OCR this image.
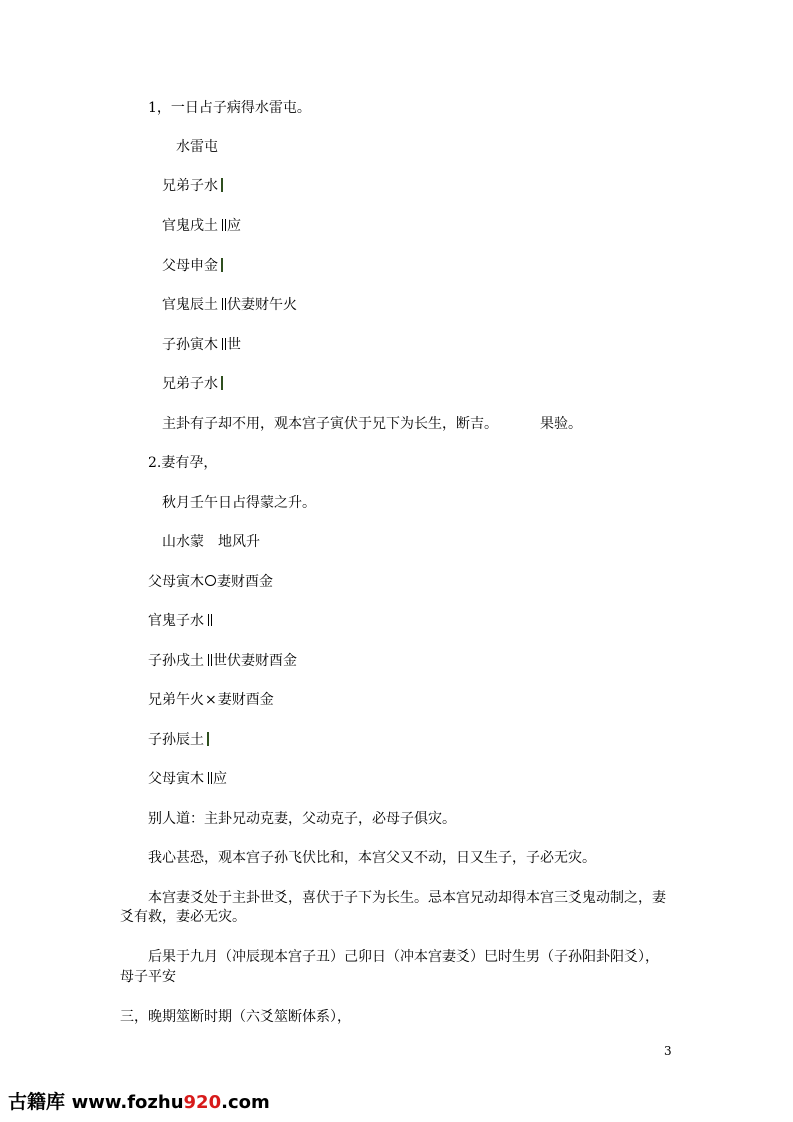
1，一日占子病得水雷屯。
水雷屯
兄弟子水
官鬼戌土 应
父母申金
官鬼辰土 伏妻财午火
子孙寅木 世
兄弟子水
主卦有子却不用，观本宫子寅伏于兄下为长生，断吉。	果验。
2.妻有孕，
秋月壬午日占得蒙之升。
山水蒙　地风升
父母寅木 妻财酉金
官鬼子水
子孙戌土 世伏妻财酉金
兄弟午火×妻财酉金
子孙辰土
父母寅木 应
别人道：主卦兄动克妻，父动克子，必母子俱灾。
我心甚恐，观本宫子孙飞伏比和，本宫父又不动，日又生子，子必无灾。
本宫妻爻处于主卦世爻，喜伏于子下为长生。忌本宫兄动却得本宫三爻鬼动制之，妻
爻有救，妻必无灾。
后果于九月（冲辰现本宫子丑）己卯日（冲本宫妻爻）巳时生男（子孙阳卦阳爻），
母子平安
三，晚期筮断时期（六爻筮断体系），
3
古籍库 www.fozhu920.com
